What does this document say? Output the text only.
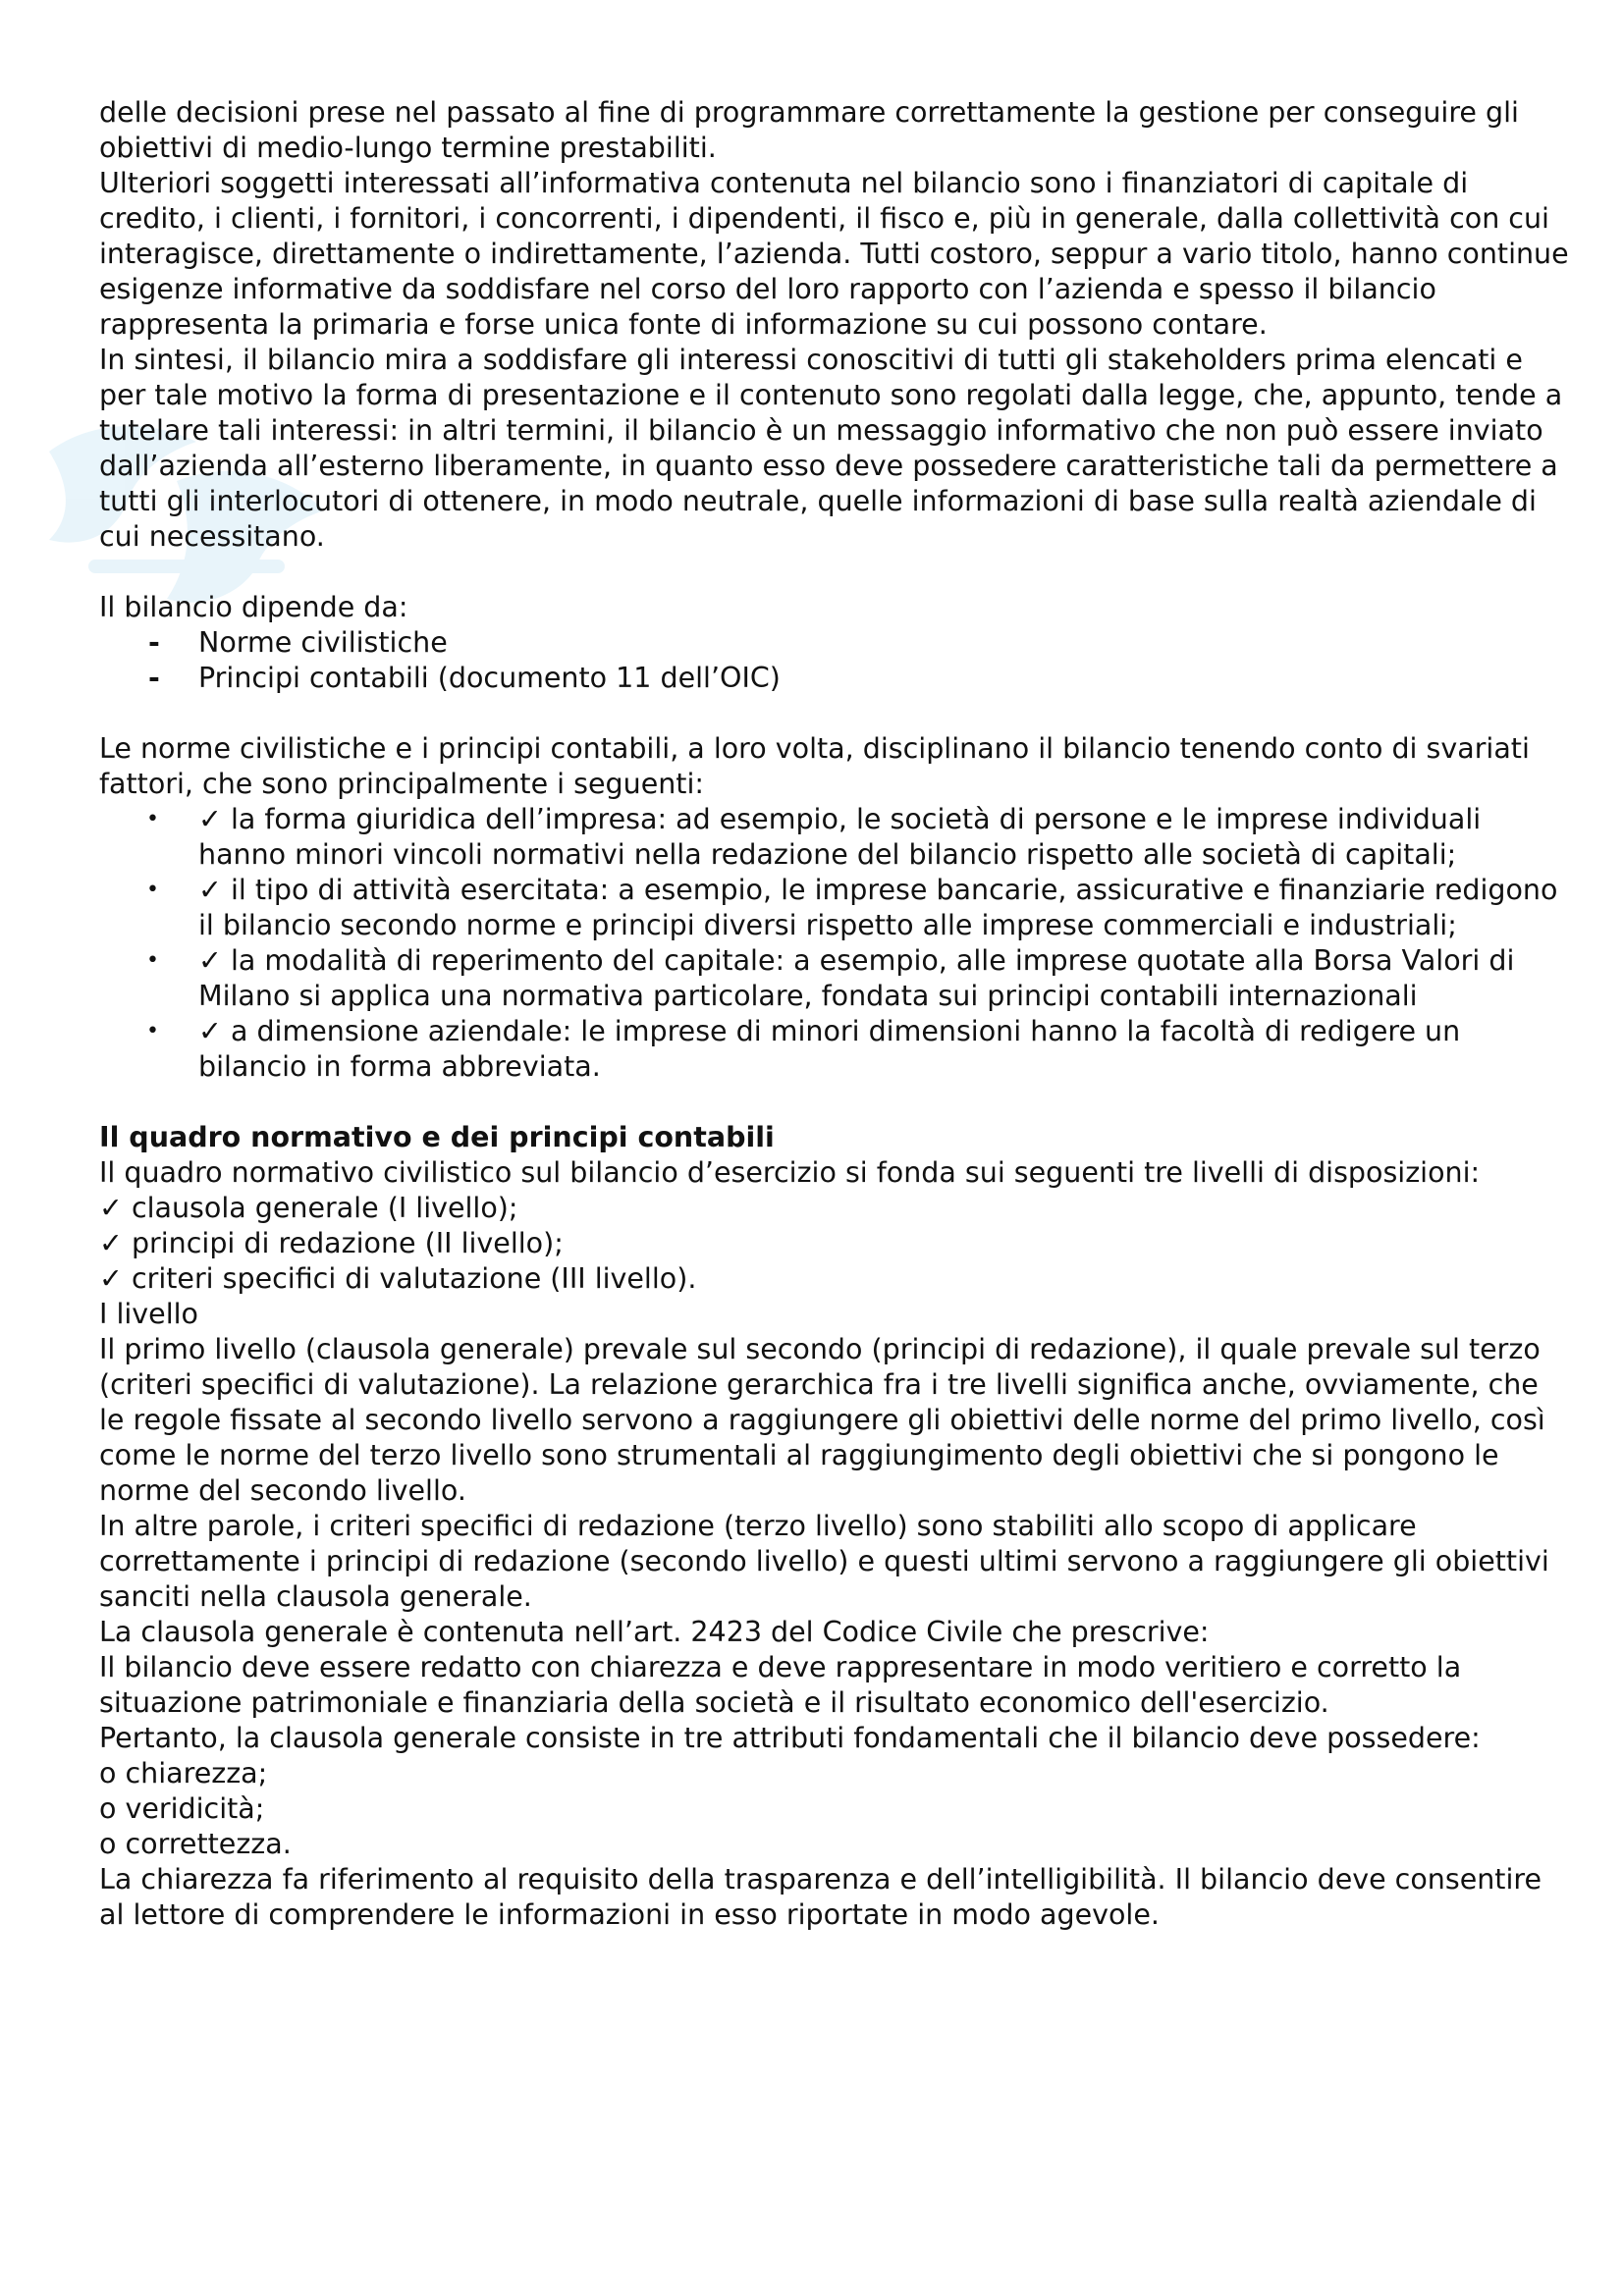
delle decisioni prese nel passato al fine di programmare correttamente la gestione per conseguire gli obiettivi di medio-lungo termine prestabiliti.

Ulteriori soggetti interessati all’informativa contenuta nel bilancio sono i finanziatori di capitale di credito, i clienti, i fornitori, i concorrenti, i dipendenti, il fisco e, più in generale, dalla collettività con cui interagisce, direttamente o indirettamente, l’azienda. Tutti costoro, seppur a vario titolo, hanno continue esigenze informative da soddisfare nel corso del loro rapporto con l’azienda e spesso il bilancio rappresenta la primaria e forse unica fonte di informazione su cui possono contare.

In sintesi, il bilancio mira a soddisfare gli interessi conoscitivi di tutti gli stakeholders prima elencati e per tale motivo la forma di presentazione e il contenuto sono regolati dalla legge, che, appunto, tende a tutelare tali interessi: in altri termini, il bilancio è un messaggio informativo che non può essere inviato dall’azienda all’esterno liberamente, in quanto esso deve possedere caratteristiche tali da permettere a tutti gli interlocutori di ottenere, in modo neutrale, quelle informazioni di base sulla realtà aziendale di cui necessitano.

Il bilancio dipende da:

- Norme civilistiche
- Principi contabili (documento 11 dell’OIC)

Le norme civilistiche e i principi contabili, a loro volta, disciplinano il bilancio tenendo conto di svariati fattori, che sono principalmente i seguenti:

• ✓ la forma giuridica dell’impresa: ad esempio, le società di persone e le imprese individuali hanno minori vincoli normativi nella redazione del bilancio rispetto alle società di capitali;
• ✓ il tipo di attività esercitata: a esempio, le imprese bancarie, assicurative e finanziarie redigono il bilancio secondo norme e principi diversi rispetto alle imprese commerciali e industriali;
• ✓ la modalità di reperimento del capitale: a esempio, alle imprese quotate alla Borsa Valori di Milano si applica una normativa particolare, fondata sui principi contabili internazionali
• ✓ a dimensione aziendale: le imprese di minori dimensioni hanno la facoltà di redigere un bilancio in forma abbreviata.

Il quadro normativo e dei principi contabili

Il quadro normativo civilistico sul bilancio d’esercizio si fonda sui seguenti tre livelli di disposizioni:

✓ clausola generale (I livello);

✓ principi di redazione (II livello);

✓ criteri specifici di valutazione (III livello).

I livello

Il primo livello (clausola generale) prevale sul secondo (principi di redazione), il quale prevale sul terzo (criteri specifici di valutazione). La relazione gerarchica fra i tre livelli significa anche, ovviamente, che le regole fissate al secondo livello servono a raggiungere gli obiettivi delle norme del primo livello, così come le norme del terzo livello sono strumentali al raggiungimento degli obiettivi che si pongono le norme del secondo livello.

In altre parole, i criteri specifici di redazione (terzo livello) sono stabiliti allo scopo di applicare correttamente i principi di redazione (secondo livello) e questi ultimi servono a raggiungere gli obiettivi sanciti nella clausola generale.

La clausola generale è contenuta nell’art. 2423 del Codice Civile che prescrive:

Il bilancio deve essere redatto con chiarezza e deve rappresentare in modo veritiero e corretto la situazione patrimoniale e finanziaria della società e il risultato economico dell'esercizio.

Pertanto, la clausola generale consiste in tre attributi fondamentali che il bilancio deve possedere:

o chiarezza;

o veridicità;

o correttezza.

La chiarezza fa riferimento al requisito della trasparenza e dell’intelligibilità. Il bilancio deve consentire al lettore di comprendere le informazioni in esso riportate in modo agevole.
